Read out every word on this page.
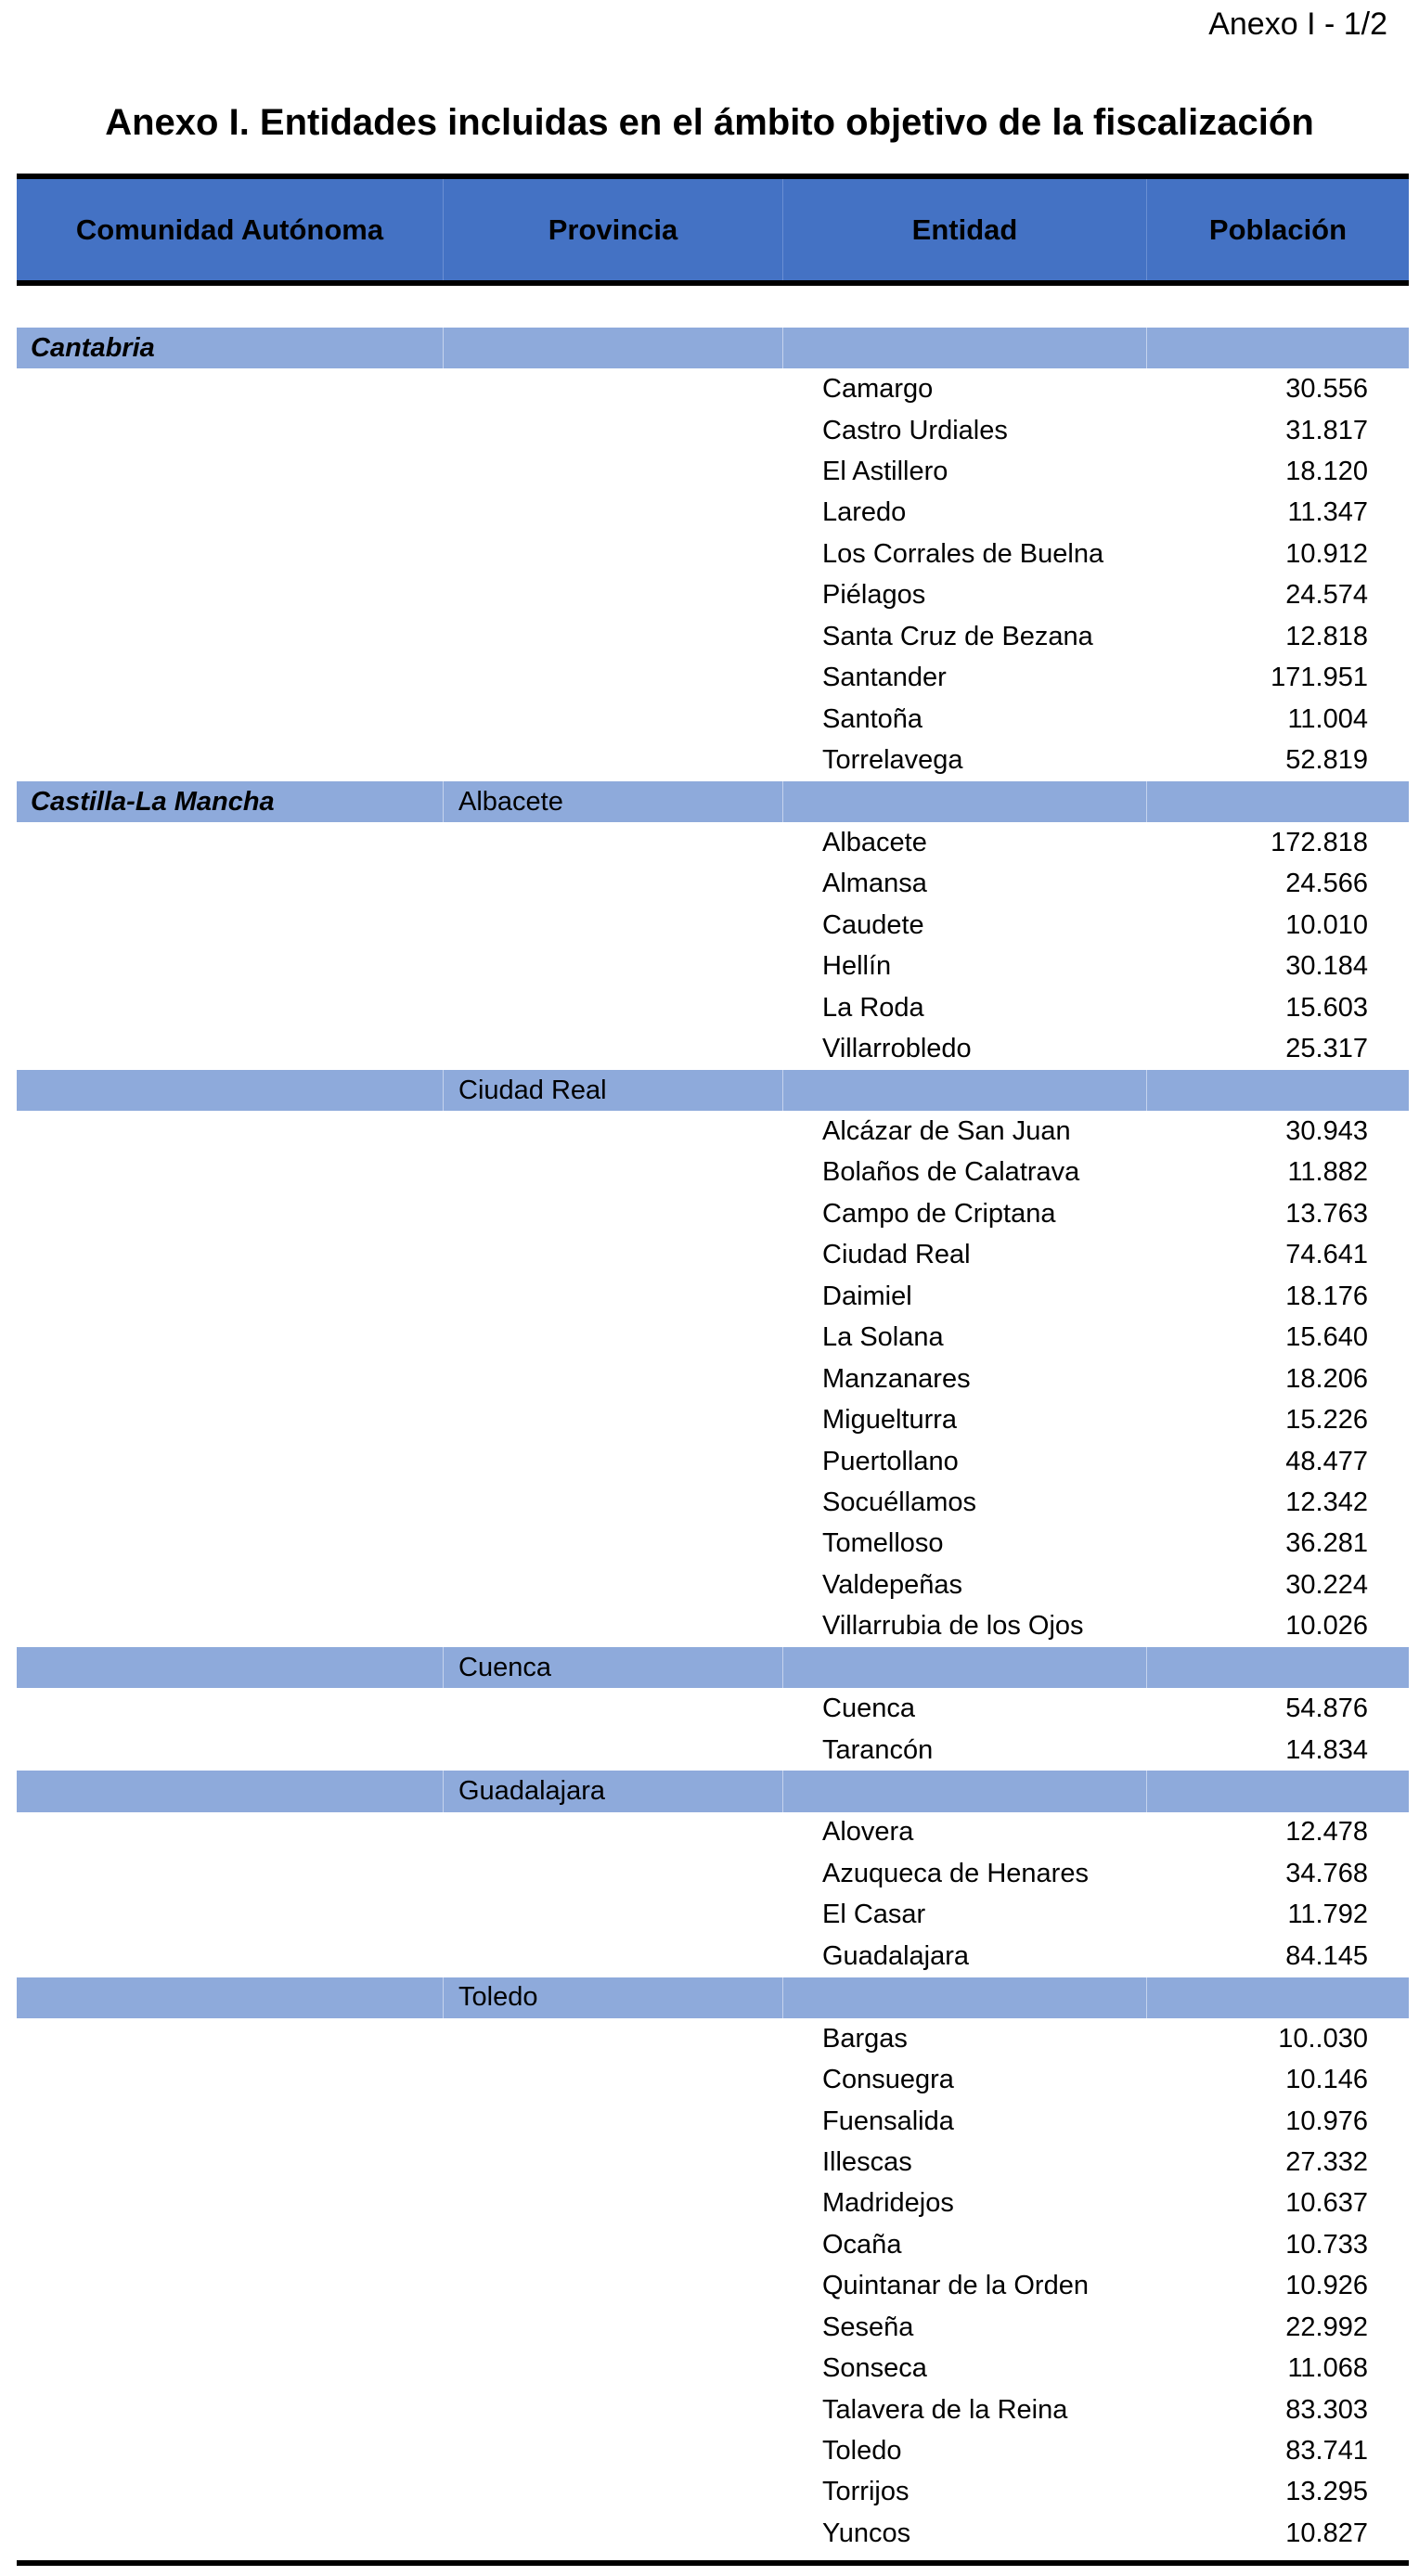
Anexo I - 1/2
Anexo I. Entidades incluidas en el ámbito objetivo de la fiscalización
Comunidad Autónoma	Provincia	Entidad	Población
Cantabria
Camargo	30.556
Castro Urdiales	31.817
El Astillero	18.120
Laredo	11.347
Los Corrales de Buelna	10.912
Piélagos	24.574
Santa Cruz de Bezana	12.818
Santander	171.951
Santoña	11.004
Torrelavega	52.819
Castilla-La Mancha	Albacete
Albacete	172.818
Almansa	24.566
Caudete	10.010
Hellín	30.184
La Roda	15.603
Villarrobledo	25.317
Ciudad Real
Alcázar de San Juan	30.943
Bolaños de Calatrava	11.882
Campo de Criptana	13.763
Ciudad Real	74.641
Daimiel	18.176
La Solana	15.640
Manzanares	18.206
Miguelturra	15.226
Puertollano	48.477
Socuéllamos	12.342
Tomelloso	36.281
Valdepeñas	30.224
Villarrubia de los Ojos	10.026
Cuenca
Cuenca	54.876
Tarancón	14.834
Guadalajara
Alovera	12.478
Azuqueca de Henares	34.768
El Casar	11.792
Guadalajara	84.145
Toledo
Bargas	10..030
Consuegra	10.146
Fuensalida	10.976
Illescas	27.332
Madridejos	10.637
Ocaña	10.733
Quintanar de la Orden	10.926
Seseña	22.992
Sonseca	11.068
Talavera de la Reina	83.303
Toledo	83.741
Torrijos	13.295
Yuncos	10.827
